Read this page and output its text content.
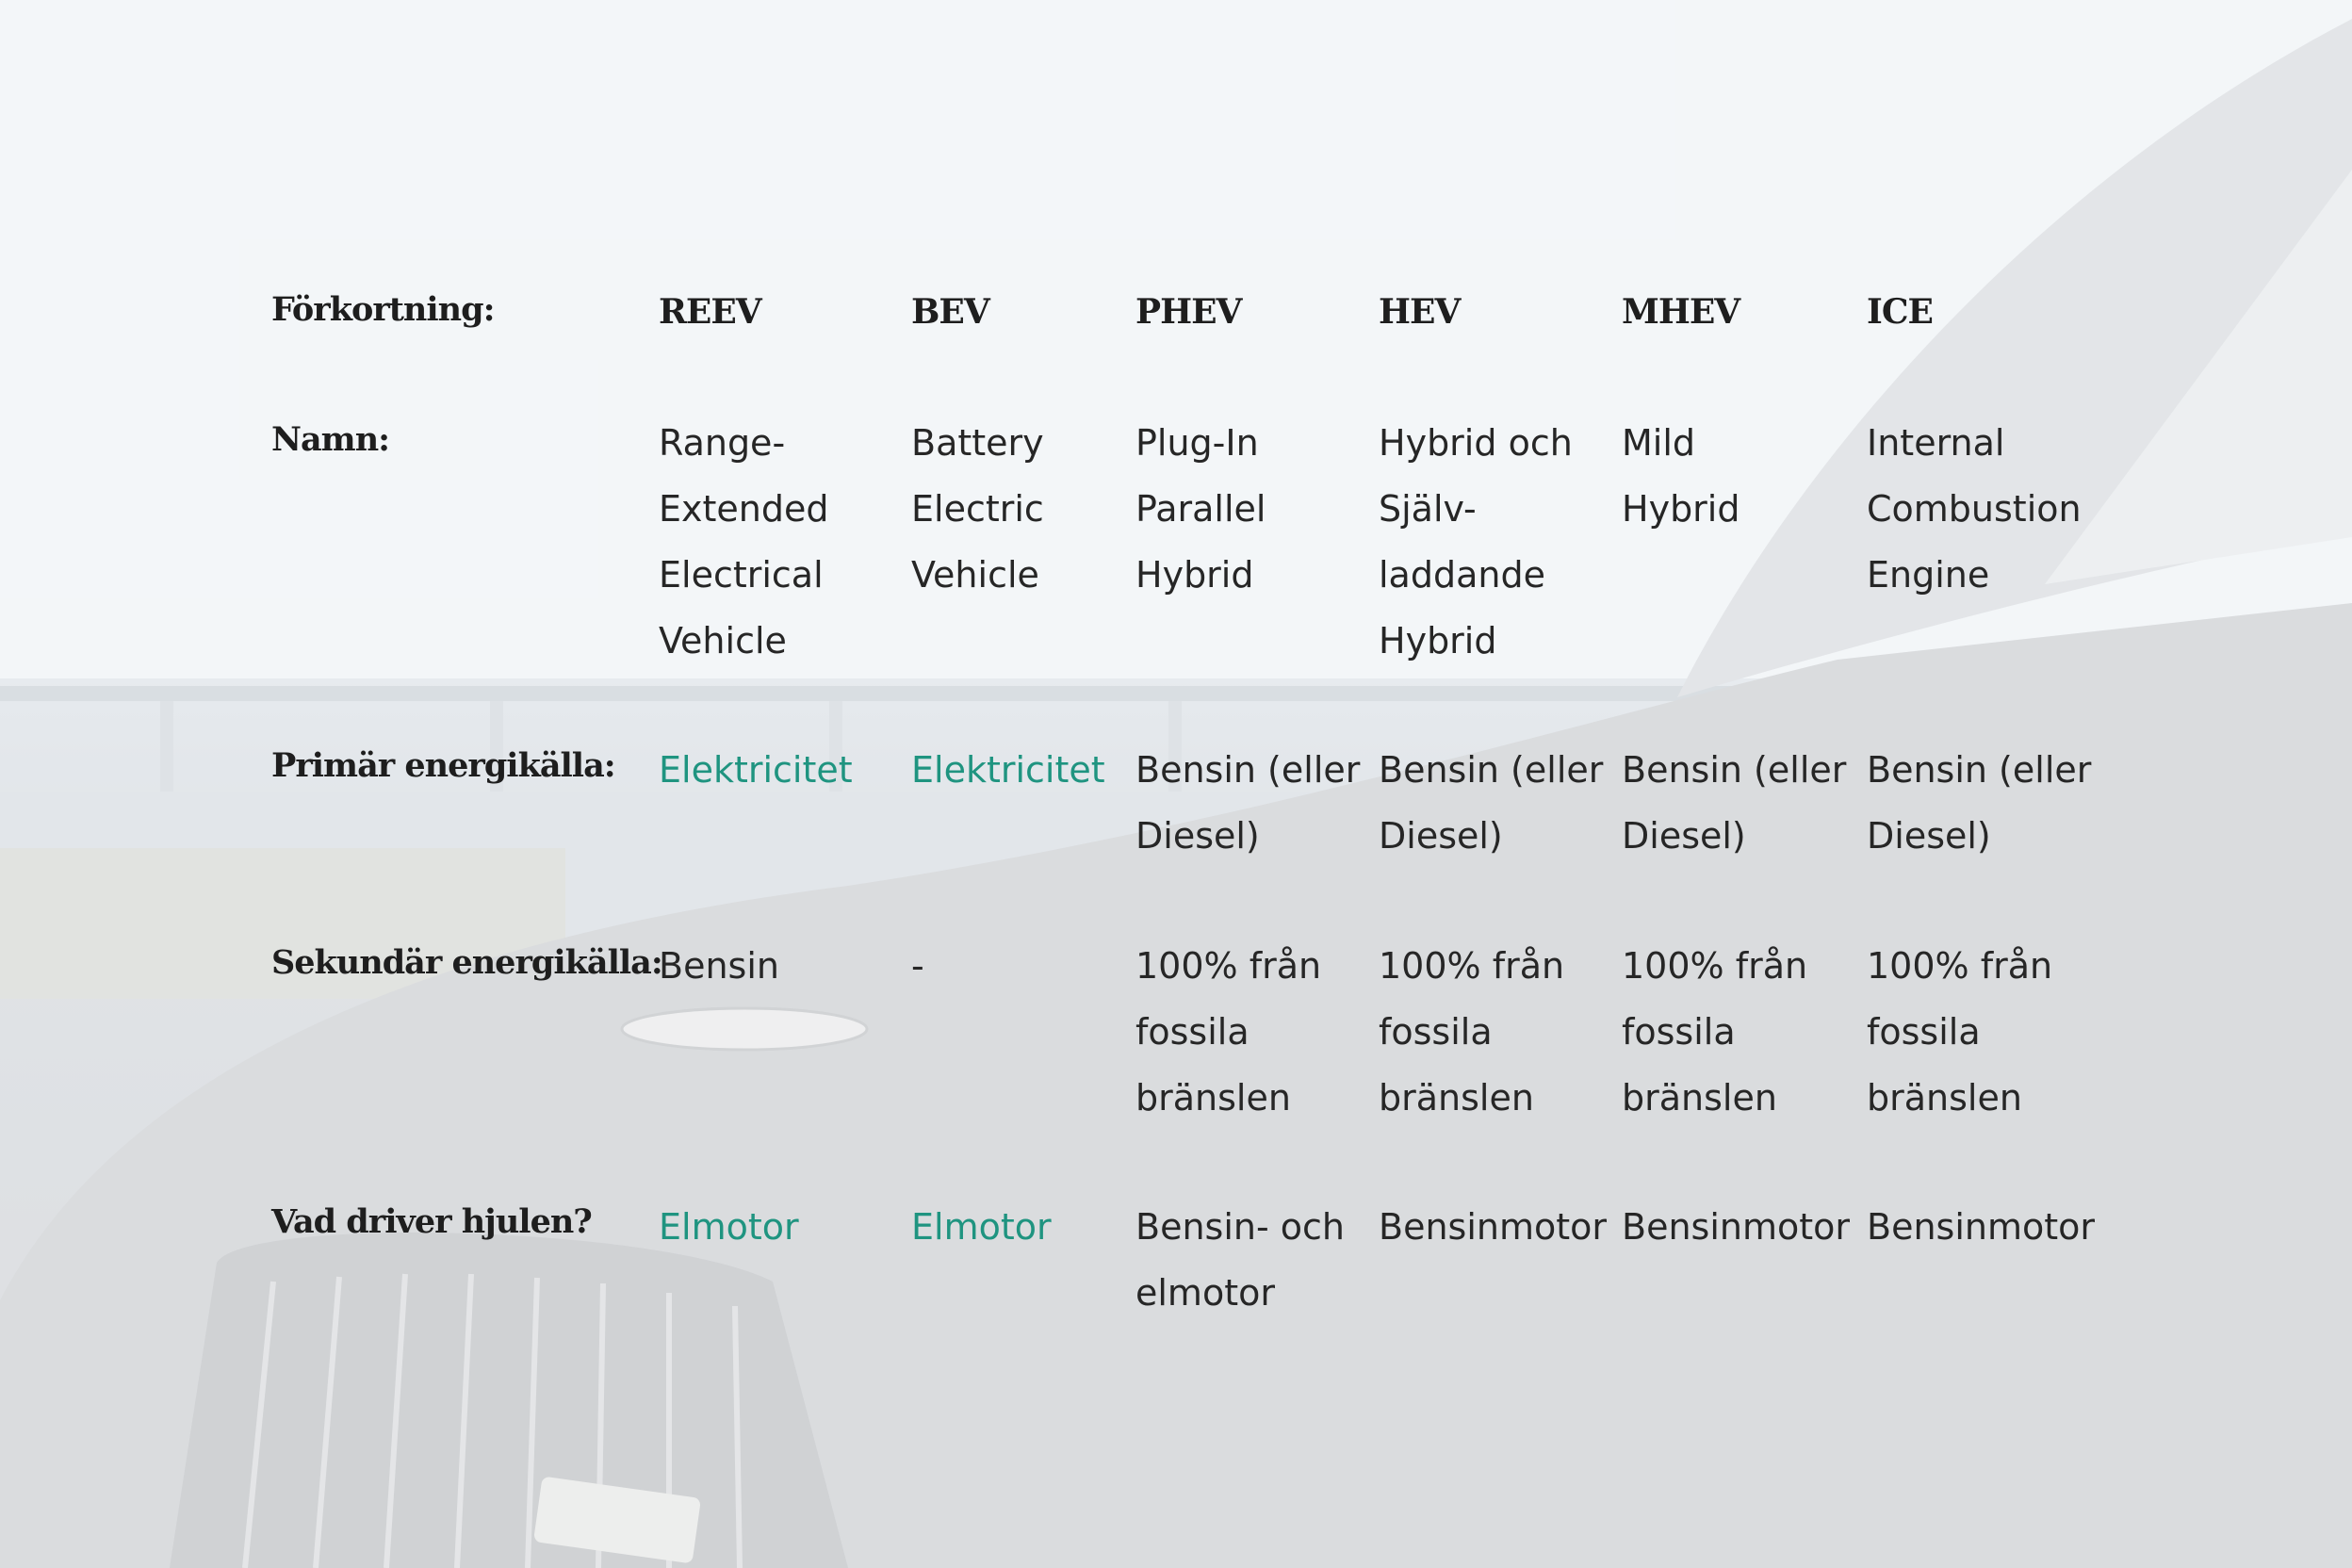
Förkortning:
Namn:
Primär energikälla:
Sekundär energikälla:
Vad driver hjulen?
REEV
Range-
Extended
Electrical
Vehicle
Elektricitet
Bensin
Elmotor
BEV
Battery
Electric
Vehicle
Elektricitet
-
Elmotor
PHEV
Plug-In
Parallel
Hybrid
Bensin (eller
Diesel)
100% från
fossila
bränslen
Bensin- och
elmotor
HEV
Hybrid och
Själv-
laddande
Hybrid
Bensin (eller
Diesel)
100% från
fossila
bränslen
Bensinmotor
MHEV
Mild
Hybrid
Bensin (eller
Diesel)
100% från
fossila
bränslen
Bensinmotor
ICE
Internal
Combustion
Engine
Bensin (eller
Diesel)
100% från
fossila
bränslen
Bensinmotor
